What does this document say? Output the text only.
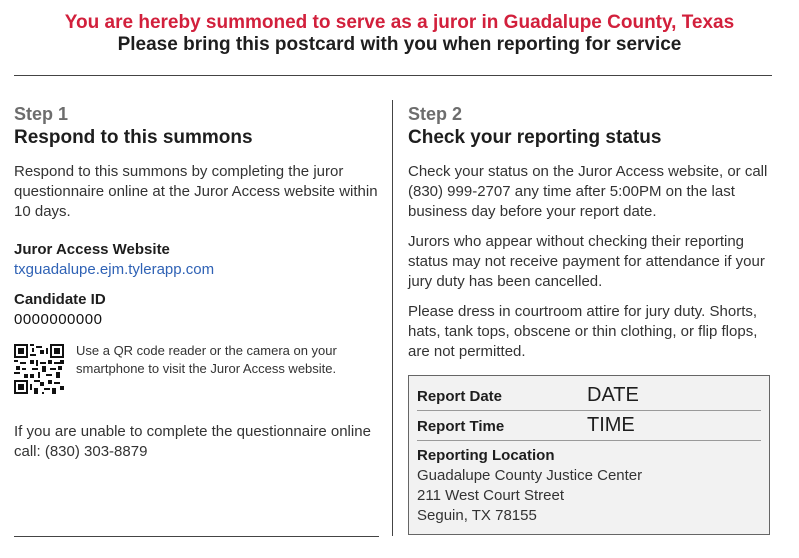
You are hereby summoned to serve as a juror in Guadalupe County, Texas
Please bring this postcard with you when reporting for service
Step 1
Respond to this summons
Respond to this summons by completing the juror questionnaire online at the Juror Access website within 10 days.
Juror Access Website
txguadalupe.ejm.tylerapp.com
Candidate ID
0000000000
Use a QR code reader or the camera on your smartphone to visit the Juror Access website.
If you are unable to complete the questionnaire online call: (830) 303-8879
Step 2
Check your reporting status
Check your status on the Juror Access website, or call (830) 999-2707 any time after 5:00PM on the last business day before your report date.
Jurors who appear without checking their reporting status may not receive payment for attendance if your jury duty has been cancelled.
Please dress in courtroom attire for jury duty. Shorts, hats, tank tops, obscene or thin clothing, or flip flops, are not permitted.
Report Date	DATE
Report Time	TIME
Reporting Location
Guadalupe County Justice Center
211 West Court Street
Seguin, TX 78155
